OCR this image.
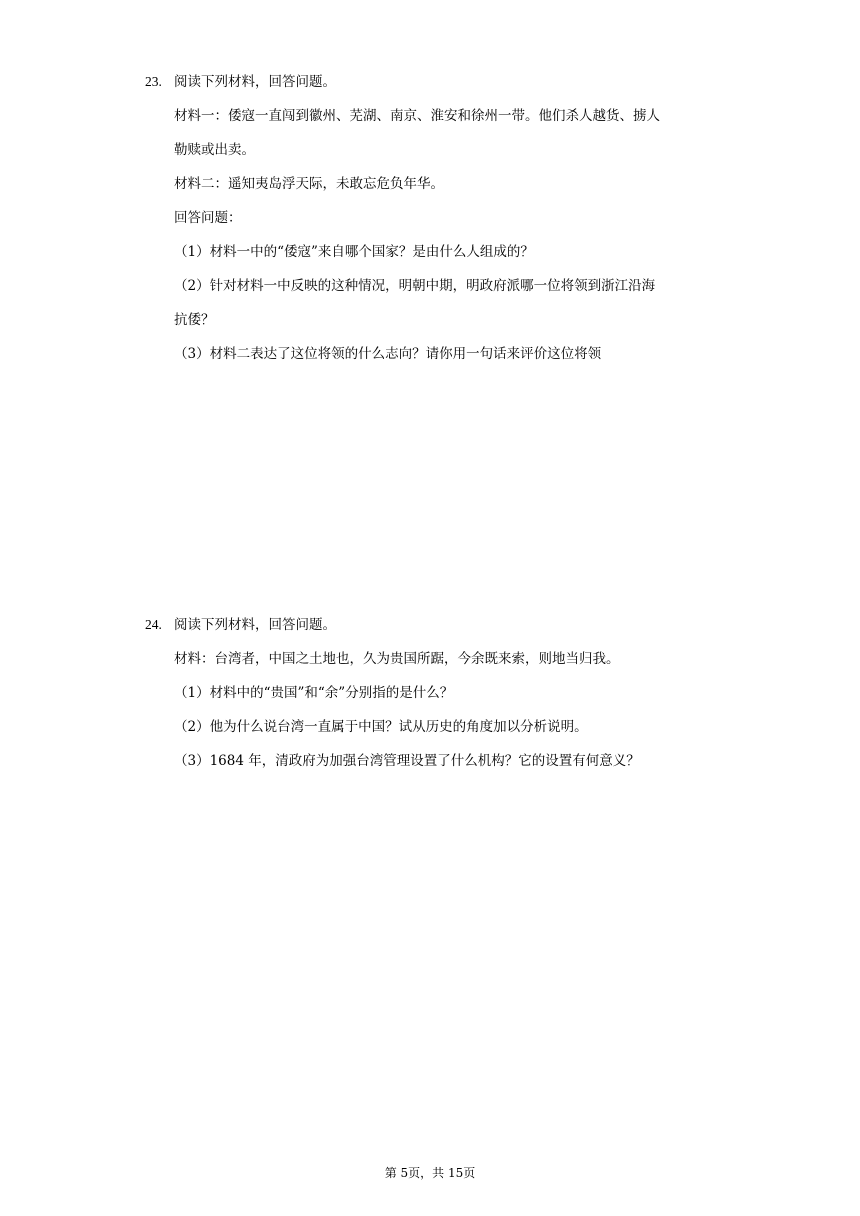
23. 阅读下列材料，回答问题。
材料一：倭寇一直闯到徽州、芜湖、南京、淮安和徐州一带。他们杀人越货、掳人
勒赎或出卖。
材料二：遥知夷岛浮天际，未敢忘危负年华。
回答问题：
（1）材料一中的“倭寇”来自哪个国家？是由什么人组成的？
（2）针对材料一中反映的这种情况，明朝中期，明政府派哪一位将领到浙江沿海
抗倭？
（3）材料二表达了这位将领的什么志向？请你用一句话来评价这位将领
24. 阅读下列材料，回答问题。
材料：台湾者，中国之土地也，久为贵国所踞，今余既来索，则地当归我。
（1）材料中的“贵国”和“余”分别指的是什么？
（2）他为什么说台湾一直属于中国？试从历史的角度加以分析说明。
（3）1684 年，清政府为加强台湾管理设置了什么机构？它的设置有何意义？
第 5页，共 15页
